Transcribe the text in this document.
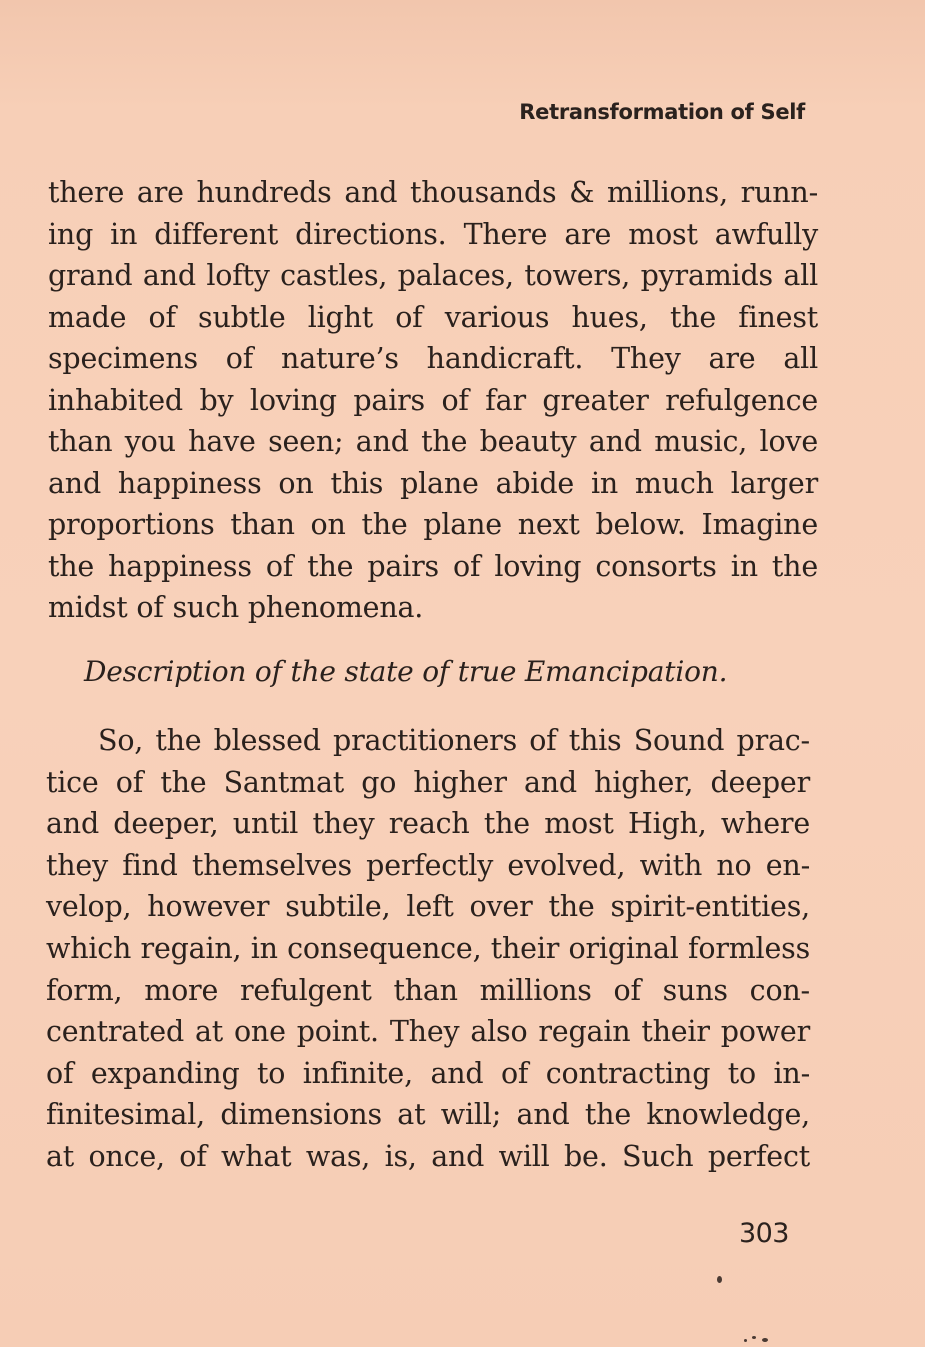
Retransformation of Self
there are hundreds and thousands & millions, runn-
ing in different directions. There are most awfully
grand and lofty castles, palaces, towers, pyramids all
made of subtle light of various hues, the finest
specimens of nature’s handicraft. They are all
inhabited by loving pairs of far greater refulgence
than you have seen; and the beauty and music, love
and happiness on this plane abide in much larger
proportions than on the plane next below. Imagine
the happiness of the pairs of loving consorts in the
midst of such phenomena.
Description of the state of true Emancipation.
So, the blessed practitioners of this Sound prac-
tice of the Santmat go higher and higher, deeper
and deeper, until they reach the most High, where
they find themselves perfectly evolved, with no en-
velop, however subtile, left over the spirit-entities,
which regain, in consequence, their original formless
form, more refulgent than millions of suns con-
centrated at one point. They also regain their power
of expanding to infinite, and of contracting to in-
finitesimal, dimensions at will; and the knowledge,
at once, of what was, is, and will be. Such perfect
303
